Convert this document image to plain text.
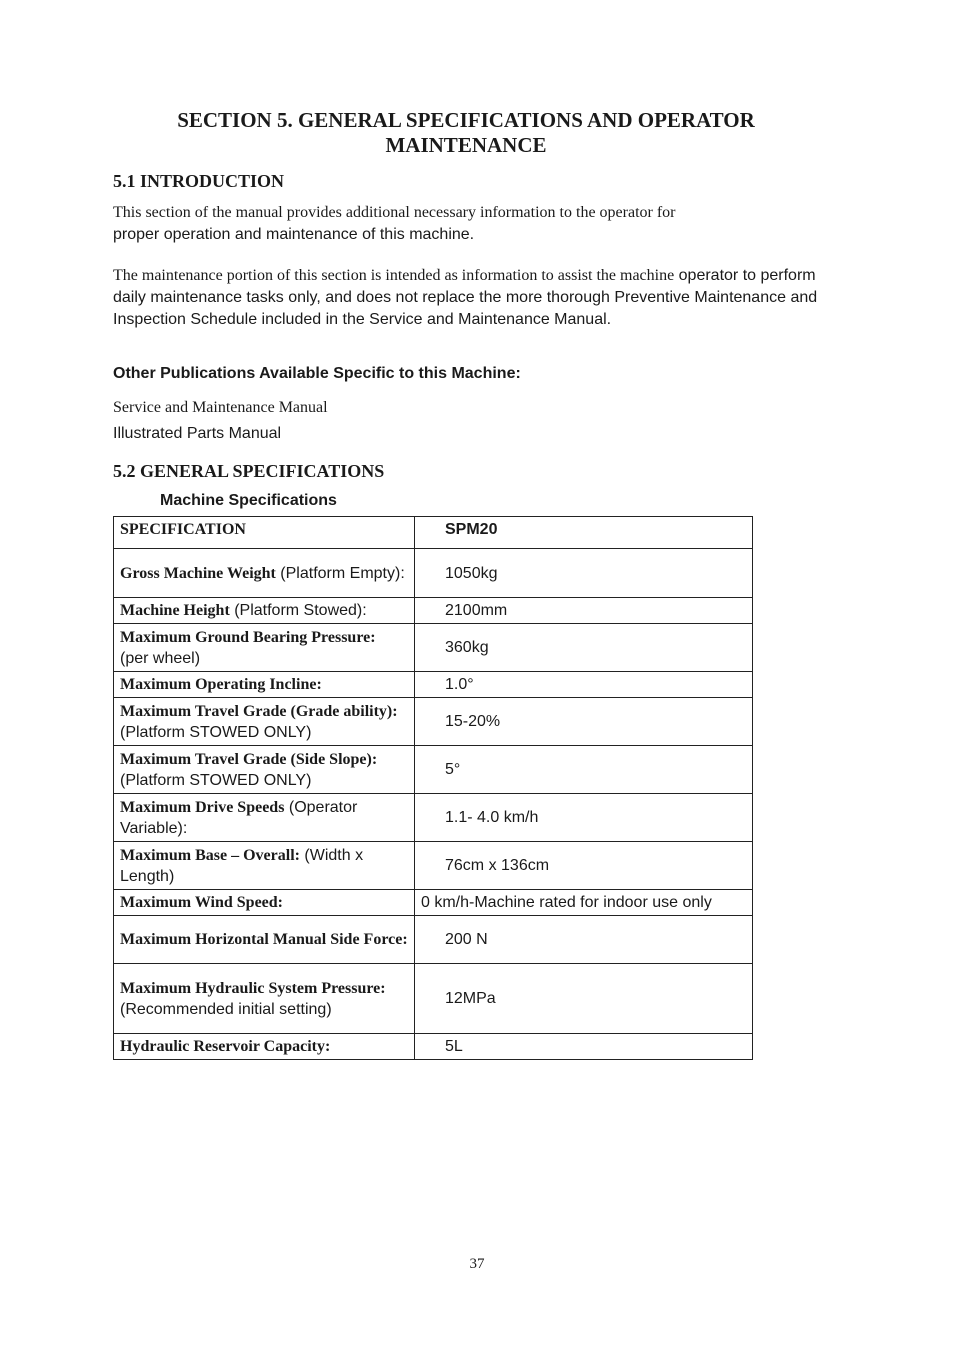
SECTION 5. GENERAL SPECIFICATIONS AND OPERATOR
MAINTENANCE
5.1 INTRODUCTION
This section of the manual provides additional necessary information to the operator for
proper operation and maintenance of this machine.
The maintenance portion of this section is intended as information to assist the machine operator to perform daily maintenance tasks only, and does not replace the more thorough Preventive Maintenance and Inspection Schedule included in the Service and Maintenance Manual.
Other Publications Available Specific to this Machine:
Service and Maintenance Manual
Illustrated Parts Manual
5.2 GENERAL SPECIFICATIONS
Machine Specifications
SPECIFICATION	SPM20
Gross Machine Weight (Platform Empty):	1050kg
Machine Height (Platform Stowed):	2100mm
Maximum Ground Bearing Pressure: (per wheel)	360kg
Maximum Operating Incline:	1.0°
Maximum Travel Grade (Grade ability): (Platform STOWED ONLY)	15-20%
Maximum Travel Grade (Side Slope): (Platform STOWED ONLY)	5°
Maximum Drive Speeds (Operator Variable):	1.1- 4.0 km/h
Maximum Base – Overall: (Width x Length)	76cm x 136cm
Maximum Wind Speed:	0 km/h-Machine rated for indoor use only
Maximum Horizontal Manual Side Force:	200 N
Maximum Hydraulic System Pressure: (Recommended initial setting)	12MPa
Hydraulic Reservoir Capacity:	5L
37
